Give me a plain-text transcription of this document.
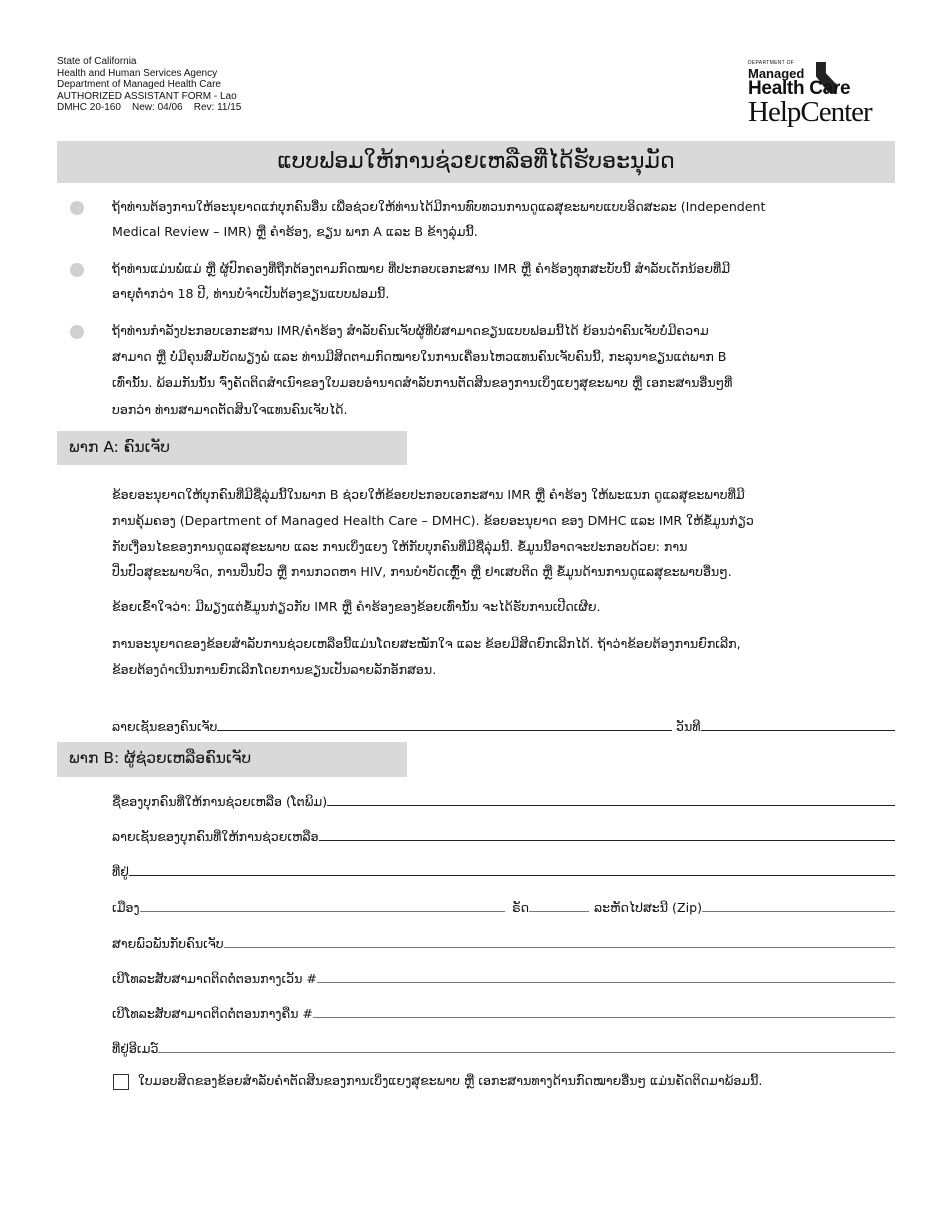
State of California
Health and Human Services Agency
Department of Managed Health Care
AUTHORIZED ASSISTANT FORM - Lao
DMHC 20-160    New: 04/06    Rev: 11/15
DEPARTMENT OF
Managed
Health Care
HelpCenter
ແບບຟອມໃຫ້ການຊ່ວຍເຫລືອທີ່ໄດ້ຮັບອະນຸມັດ
ຖ້າທ່ານຕ້ອງການໃຫ້ອະນຸຍາດແກ່ບຸກຄົນອື່ນ ເພື່ອຊ່ວຍໃຫ້ທ່ານໄດ້ມີການທົບທວນການດູແລສຸຂະພາບແບບອິດສະລະ (Independent
Medical Review – IMR) ຫຼື ຄຳຮ້ອງ, ຂຽນ ພາກ A ແລະ B ຂ້າງລຸ່ມນີ້.
ຖ້າທ່ານແມ່ນພໍ່ແມ່ ຫຼື ຜູ້ປົກຄອງທີ່ຖືກຕ້ອງຕາມກົດໝາຍ ທີ່ປະກອບເອກະສານ IMR ຫຼື ຄຳຮ້ອງທຸກສະບັບນີ້ ສຳລັບເດັກນ້ອຍທີ່ມີ
ອາຍຸຕ່ຳກວ່າ 18 ປີ, ທ່ານບໍ່ຈຳເປັນຕ້ອງຂຽນແບບຟອມນີ້.
ຖ້າທ່ານກຳລັງປະກອບເອກະສານ IMR/ຄຳຮ້ອງ ສຳລັບຄົນເຈັບຜູ້ທີ່ບໍ່ສາມາດຂຽນແບບຟອມນີ້ໄດ້ ຍ້ອນວ່າຄົນເຈັບບໍ່ມີຄວາມ
ສາມາດ ຫຼື ບໍ່ມີຄຸນສົມບັດພຽງພໍ ແລະ ທ່ານມີສິດຕາມກົດໝາຍໃນການເຄື່ອນໄຫວແທນຄົນເຈັບຄົນນີ້, ກະລຸນາຂຽນແຕ່ພາກ B
ເທົ່ານັ້ນ. ພ້ອມກັນນັ້ນ ຈົ່ງຄັດຕິດສຳເນົາຂອງໃບມອບອຳນາດສຳລັບການຕັດສິນຂອງການເບິ່ງແຍງສຸຂະພາບ ຫຼື ເອກະສານອື່ນໆທີ່
ບອກວ່າ ທ່ານສາມາດຕັດສິນໃຈແທນຄົນເຈັບໄດ້.
ພາກ A: ຄົນເຈັບ
ຂ້ອຍອະນຸຍາດໃຫ້ບຸກຄົນທີ່ມີຊື່ລຸ່ມນີ້ໃນພາກ B ຊ່ວຍໃຫ້ຂ້ອຍປະກອບເອກະສານ IMR ຫຼື ຄຳຮ້ອງ ໃຫ້ພະແນກ ດູແລສຸຂະພາບທີ່ມີ
ການຄຸ້ມຄອງ (Department of Managed Health Care – DMHC). ຂ້ອຍອະນຸຍາດ ຂອງ DMHC ແລະ IMR ໃຫ້ຂໍ້ມູນກ່ຽວ
ກັບເງື່ອນໄຂຂອງການດູແລສຸຂະພາບ ແລະ ການເບິ່ງແຍງ ໃຫ້ກັບບຸກຄົນທີ່ມີຊື່ລຸ່ມນີ້. ຂໍ້ມູນນີ້ອາດຈະປະກອບດ້ວຍ: ການ
ປິ່ນປົວສຸຂະພາບຈິດ, ການປິ່ນປົວ ຫຼື ການກວດຫາ HIV, ການບຳບັດເຫຼົ້າ ຫຼື ຢາເສບຕິດ ຫຼື ຂໍ້ມູນດ້ານການດູແລສຸຂະພາບອື່ນໆ.
ຂ້ອຍເຂົ້າໃຈວ່າ: ມີພຽງແຕ່ຂໍ້ມູນກ່ຽວກັບ IMR ຫຼື ຄຳຮ້ອງຂອງຂ້ອຍເທົ່ານັ້ນ ຈະໄດ້ຮັບການເປີດເຜີຍ.
ການອະນຸຍາດຂອງຂ້ອຍສຳລັບການຊ່ວຍເຫລືອນີ້ແມ່ນໂດຍສະໝັກໃຈ ແລະ ຂ້ອຍມີສິດຍົກເລີກໄດ້. ຖ້າວ່າຂ້ອຍຕ້ອງການຍົກເລີກ,
ຂ້ອຍຕ້ອງດຳເນີນການຍົກເລີກໂດຍການຂຽນເປັນລາຍລັກອັກສອນ.
ລາຍເຊັນຂອງຄົນເຈັບ	ວັນທີ
ພາກ B: ຜູ້ຊ່ວຍເຫລືອຄົນເຈັບ
ຊື່ຂອງບຸກຄົນທີ່ໃຫ້ການຊ່ວຍເຫລືອ (ໂຕພິມ)
ລາຍເຊັນຂອງບຸກຄົນທີ່ໃຫ້ການຊ່ວຍເຫລືອ
ທີ່ຢູ່
ເມືອງ	ຣັດ	ລະຫັດໄປສະນີ (Zip)
ສາຍພົວພັນກັບຄົນເຈັບ
ເບີໂທລະສັບສາມາດຕິດຕໍ່ຕອນກາງເວັນ #
ເບີໂທລະສັບສາມາດຕິດຕໍ່ຕອນກາງຄືນ #
ທີ່ຢູ່ອີເມວ໌
ໃບມອບສິດຂອງຂ້ອຍສຳລັບຄຳຕັດສິນຂອງການເບິ່ງແຍງສຸຂະພາບ ຫຼື ເອກະສານທາງດ້ານກົດໝາຍອື່ນໆ ແມ່ນຄັດຕິດມາພ້ອມນີ້.
